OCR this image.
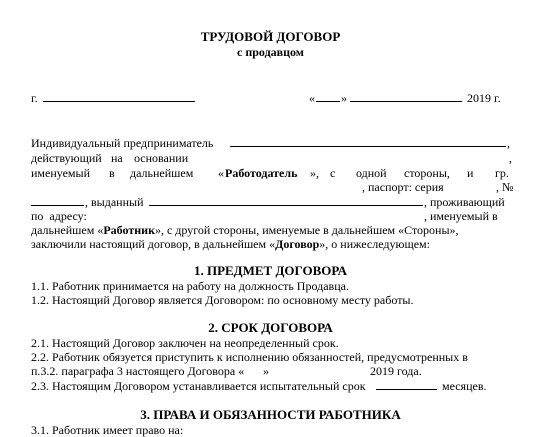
ТРУДОВОЙ ДОГОВОР
с продавцом
г.	« »	2019 г.
Индивидуальный предприниматель	,
действующий на основании	,
именуемый в дальнейшем « Работодатель », с одной стороны, и гр.
, паспорт: серия	, №
, выданный	, проживающий
по  адресу:	, именуемый в
дальнейшем «Работник», с другой стороны, именуемые в дальнейшем «Стороны»,
заключили настоящий договор, в дальнейшем «Договор», о нижеследующем:
1. ПРЕДМЕТ ДОГОВОРА
1.1. Работник принимается на работу на должность Продавца.
1.2. Настоящий Договор является Договором: по основному месту работы.
2. СРОК ДОГОВОРА
2.1. Настоящий Договор заключен на неопределенный срок.
2.2. Работник обязуется приступить к исполнению обязанностей, предусмотренных в
п.3.2. параграфа 3 настоящего Договора « »	2019 года.
2.3. Настоящим Договором устанавливается испытательный срок	месяцев.
3. ПРАВА И ОБЯЗАННОСТИ РАБОТНИКА
3.1. Работник имеет право на:
